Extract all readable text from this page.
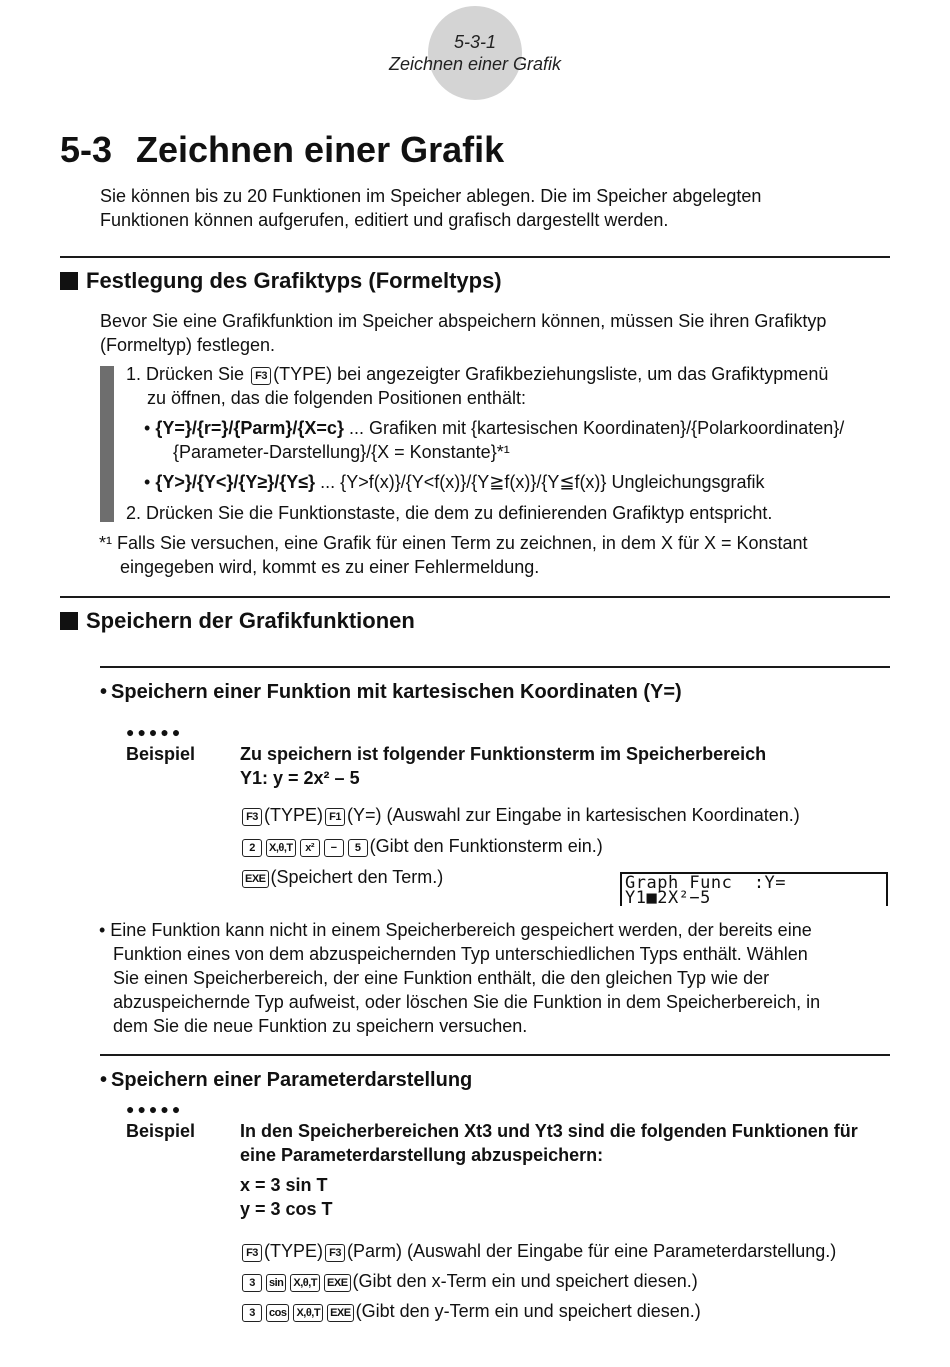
5-3-1
Zeichnen einer Grafik
5-3 Zeichnen einer Grafik
Sie können bis zu 20 Funktionen im Speicher ablegen. Die im Speicher abgelegten
Funktionen können aufgerufen, editiert und grafisch dargestellt werden.
Festlegung des Grafiktyps (Formeltyps)
Bevor Sie eine Grafikfunktion im Speicher abspeichern können, müssen Sie ihren Grafiktyp
(Formeltyp) festlegen.
1. Drücken Sie F3 (TYPE) bei angezeigter Grafikbeziehungsliste, um das Grafiktypmenü
zu öffnen, das die folgenden Positionen enthält:
• {Y=}/{r=}/{Parm}/{X=c} ... Grafiken mit {kartesischen Koordinaten}/{Polarkoordinaten}/
{Parameter-Darstellung}/{X = Konstante}*¹
• {Y>}/{Y<}/{Y≥}/{Y≤} ... {Y>f(x)}/{Y<f(x)}/{Y≧f(x)}/{Y≦f(x)} Ungleichungsgrafik
2. Drücken Sie die Funktionstaste, die dem zu definierenden Grafiktyp entspricht.
*¹ Falls Sie versuchen, eine Grafik für einen Term zu zeichnen, in dem X für X = Konstant
eingegeben wird, kommt es zu einer Fehlermeldung.
Speichern der Grafikfunktionen
• Speichern einer Funktion mit kartesischen Koordinaten (Y=)
●●●●●
Beispiel Zu speichern ist folgender Funktionsterm im Speicherbereich
Y1: y = 2x² – 5
F3 (TYPE) F1 (Y=) (Auswahl zur Eingabe in kartesischen Koordinaten.)
2 X,θ,T x² − 5 (Gibt den Funktionsterm ein.)
EXE (Speichert den Term.)	Graph Func  :Y=
Y1■2X²−5
• Eine Funktion kann nicht in einem Speicherbereich gespeichert werden, der bereits eine
Funktion eines von dem abzuspeichernden Typ unterschiedlichen Typs enthält. Wählen
Sie einen Speicherbereich, der eine Funktion enthält, die den gleichen Typ wie der
abzuspeichernde Typ aufweist, oder löschen Sie die Funktion in dem Speicherbereich, in
dem Sie die neue Funktion zu speichern versuchen.
• Speichern einer Parameterdarstellung
●●●●●
Beispiel In den Speicherbereichen Xt3 und Yt3 sind die folgenden Funktionen für
eine Parameterdarstellung abzuspeichern:
x = 3 sin T
y = 3 cos T
F3 (TYPE) F3 (Parm) (Auswahl der Eingabe für eine Parameterdarstellung.)
3 sin X,θ,T EXE (Gibt den x-Term ein und speichert diesen.)
3 cos X,θ,T EXE (Gibt den y-Term ein und speichert diesen.)
